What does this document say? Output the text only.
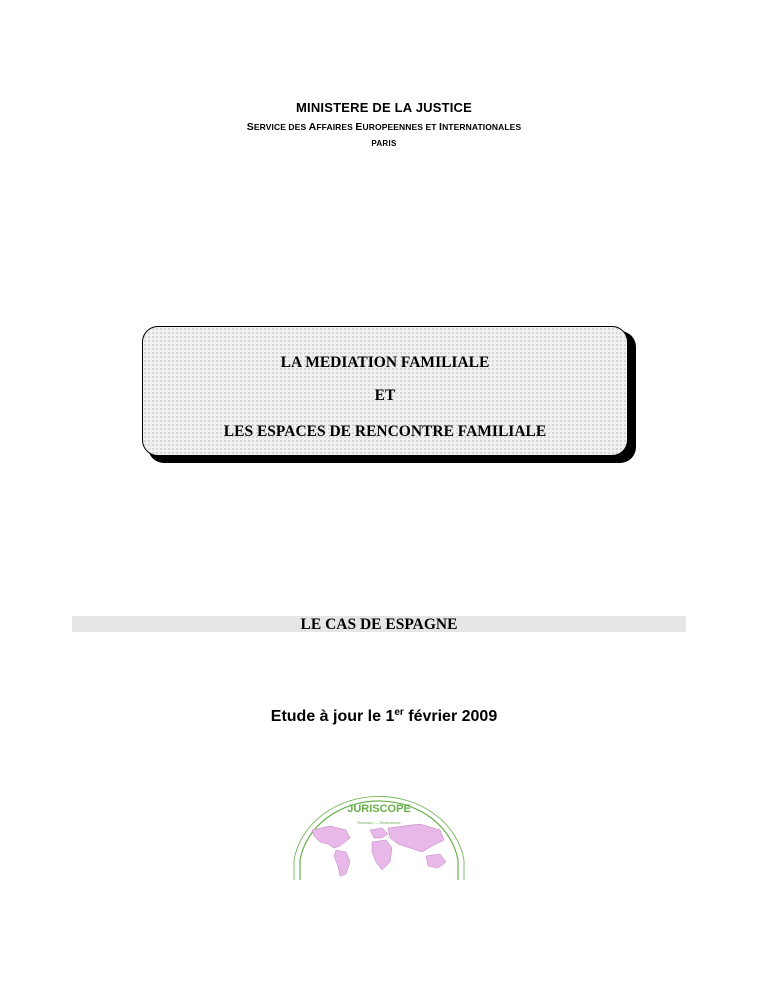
MINISTERE DE LA JUSTICE
SERVICE DES AFFAIRES EUROPEENNES ET INTERNATIONALES
PARIS
LA MEDIATION FAMILIALE
ET
LES ESPACES DE RENCONTRE FAMILIALE
LE CAS DE ESPAGNE
Etude à jour le 1er février 2009
JURISCOPE
Réseaux — Ressources
